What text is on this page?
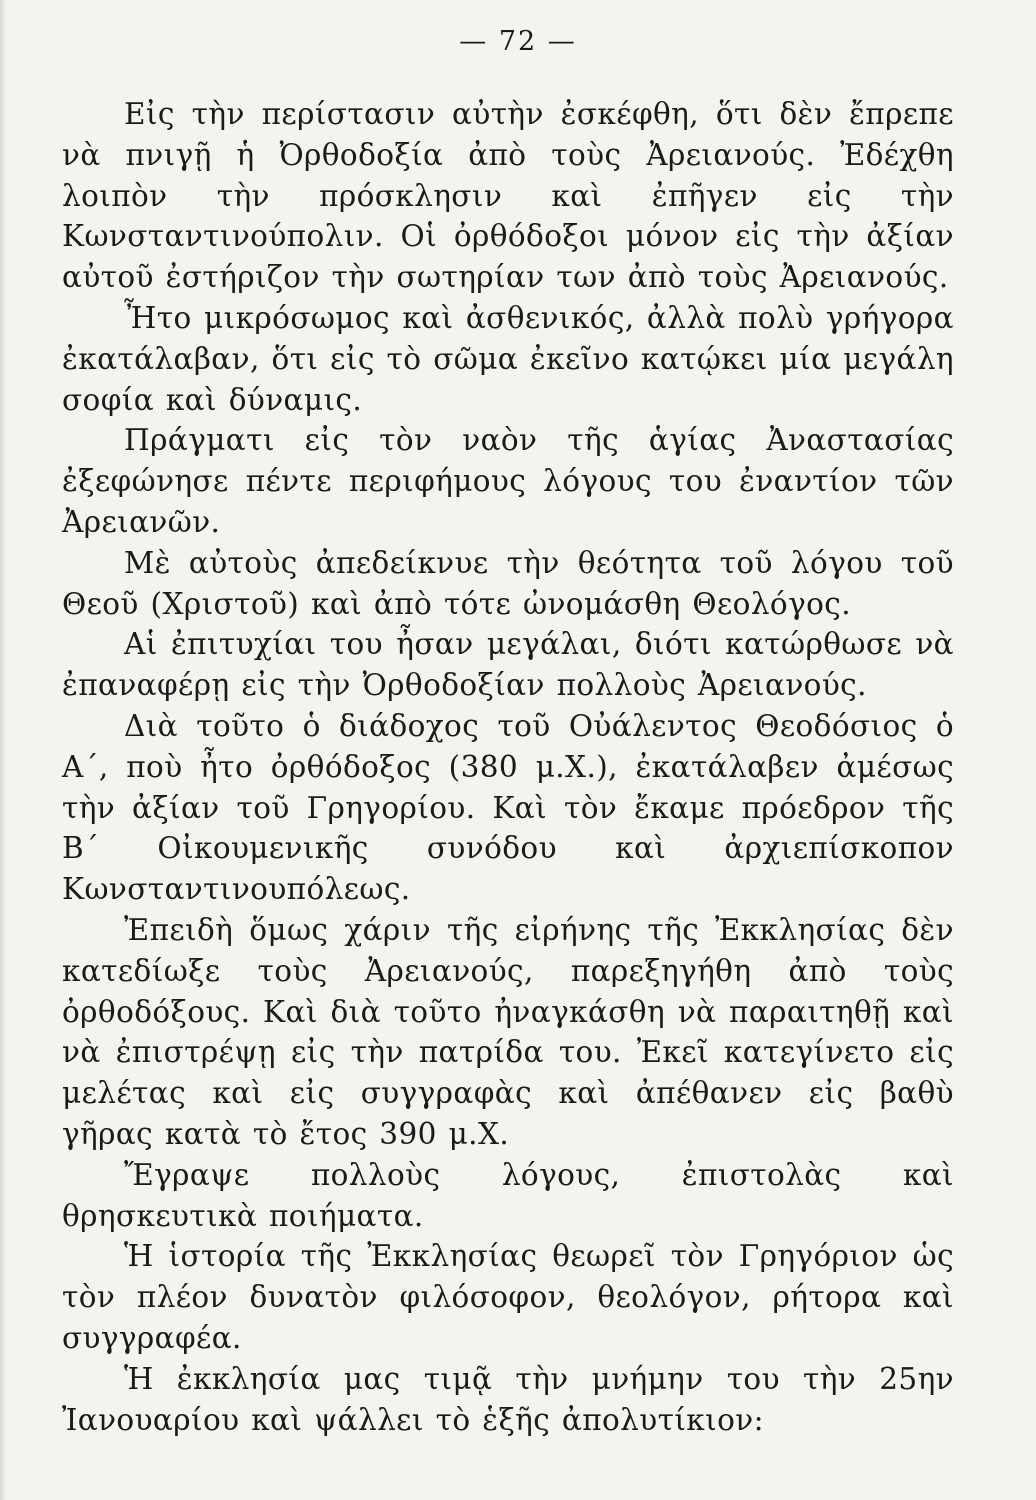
— 72 —

Εἰς τὴν περίστασιν αὐτὴν ἐσκέφθη, ὅτι δὲν ἔπρεπε νὰ πνιγῇ ἡ Ὀρθοδοξία ἀπὸ τοὺς Ἀρειανούς. Ἐδέχθη λοιπὸν τὴν πρόσκλησιν καὶ ἐπῆγεν εἰς τὴν Κωνσταντινούπολιν. Οἱ ὀρθόδοξοι μόνον εἰς τὴν ἀξίαν αὐτοῦ ἐστήριζον τὴν σωτηρίαν των ἀπὸ τοὺς Ἀρειανούς.

Ἦτο μικρόσωμος καὶ ἀσθενικός, ἀλλὰ πολὺ γρήγορα ἐκατάλαβαν, ὅτι εἰς τὸ σῶμα ἐκεῖνο κατῴκει μία μεγάλη σοφία καὶ δύναμις.

Πράγματι εἰς τὸν ναὸν τῆς ἁγίας Ἀναστασίας ἐξεφώνησε πέντε περιφήμους λόγους του ἐναντίον τῶν Ἀρειανῶν.

Μὲ αὐτοὺς ἀπεδείκνυε τὴν θεότητα τοῦ λόγου τοῦ Θεοῦ (Χριστοῦ) καὶ ἀπὸ τότε ὠνομάσθη Θεολόγος.

Αἱ ἐπιτυχίαι του ἦσαν μεγάλαι, διότι κατώρθωσε νὰ ἐπαναφέρῃ εἰς τὴν Ὀρθοδοξίαν πολλοὺς Ἀρειανούς.

Διὰ τοῦτο ὁ διάδοχος τοῦ Οὐάλεντος Θεοδόσιος ὁ Α΄, ποὺ ἦτο ὀρθόδοξος (380 μ.Χ.), ἐκατάλαβεν ἀμέσως τὴν ἀξίαν τοῦ Γρηγορίου. Καὶ τὸν ἔκαμε πρόεδρον τῆς Β΄ Οἰκουμενικῆς συνόδου καὶ ἀρχιεπίσκοπον Κωνσταντινουπόλεως.

Ἐπειδὴ ὅμως χάριν τῆς εἰρήνης τῆς Ἐκκλησίας δὲν κατεδίωξε τοὺς Ἀρειανούς, παρεξηγήθη ἀπὸ τοὺς ὀρθοδόξους. Καὶ διὰ τοῦτο ἠναγκάσθη νὰ παραιτηθῇ καὶ νὰ ἐπιστρέψῃ εἰς τὴν πατρίδα του. Ἐκεῖ κατεγίνετο εἰς μελέτας καὶ εἰς συγγραφὰς καὶ ἀπέθανεν εἰς βαθὺ γῆρας κατὰ τὸ ἔτος 390 μ.Χ.

Ἔγραψε πολλοὺς λόγους, ἐπιστολὰς καὶ θρησκευτικὰ ποιήματα.

Ἡ ἱστορία τῆς Ἐκκλησίας θεωρεῖ τὸν Γρηγόριον ὡς τὸν πλέον δυνατὸν φιλόσοφον, θεολόγον, ρήτορα καὶ συγγραφέα.

Ἡ ἐκκλησία μας τιμᾷ τὴν μνήμην του τὴν 25ην Ἰανουαρίου καὶ ψάλλει τὸ ἑξῆς ἀπολυτίκιον:
